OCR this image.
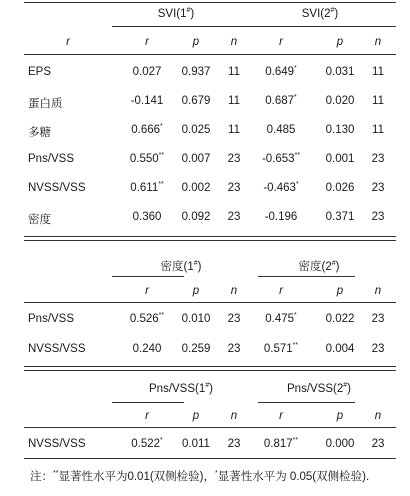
SVI(1#)	SVI(2#)
r	r	p	n	r	p	n
EPS	0.027 0.937 11 0.649*	0.031 11
蛋白质	-0.141 0.679 11 0.687*	0.020 11
多糖	0.666* 0.025 11 0.485	0.130 11
Pns/VSS	0.550** 0.007 23 -0.653** 0.001 23
NVSS/VSS	0.611** 0.002 23 -0.463* 0.026 23
密度	0.360 0.092 23 -0.196 0.371 23
密度(1#)	密度(2#)
r	p	n	r	p	n
Pns/VSS	0.526** 0.010 23 0.475*	0.022 23
NVSS/VSS	0.240 0.259 23 0.571** 0.004 23
Pns/VSS(1#)	Pns/VSS(2#)
r	p	n	r	p	n
NVSS/VSS	0.522* 0.011 23 0.817** 0.000 23
注：**显著性水平为0.01(双侧检验)，*显著性水平为 0.05(双侧检验).
